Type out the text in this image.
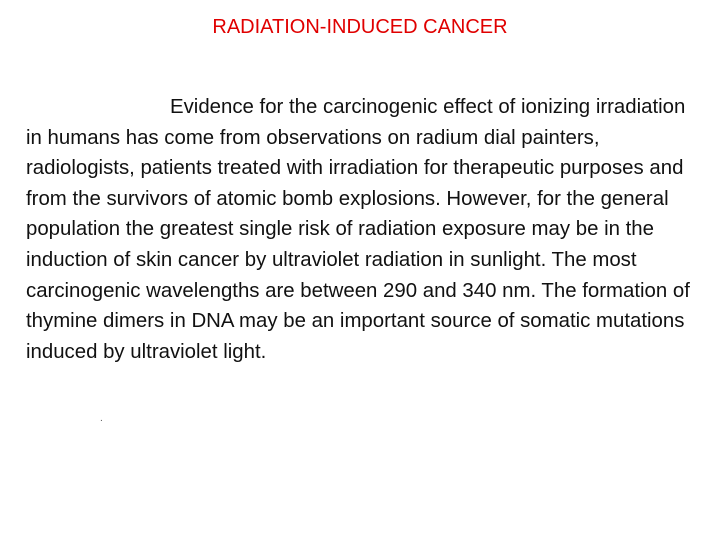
RADIATION-INDUCED CANCER

Evidence for the carcinogenic effect of ionizing irradiation in humans has come from observations on radium dial painters, radiologists, patients treated with irradiation for therapeutic purposes and from the survivors of atomic bomb explosions. However, for the general population the greatest single risk of radiation exposure may be in the induction of skin cancer by ultraviolet radiation in sunlight. The most carcinogenic wavelengths are between 290 and 340 nm. The formation of thymine dimers in DNA may be an important source of somatic mutations induced by ultraviolet light.

.
